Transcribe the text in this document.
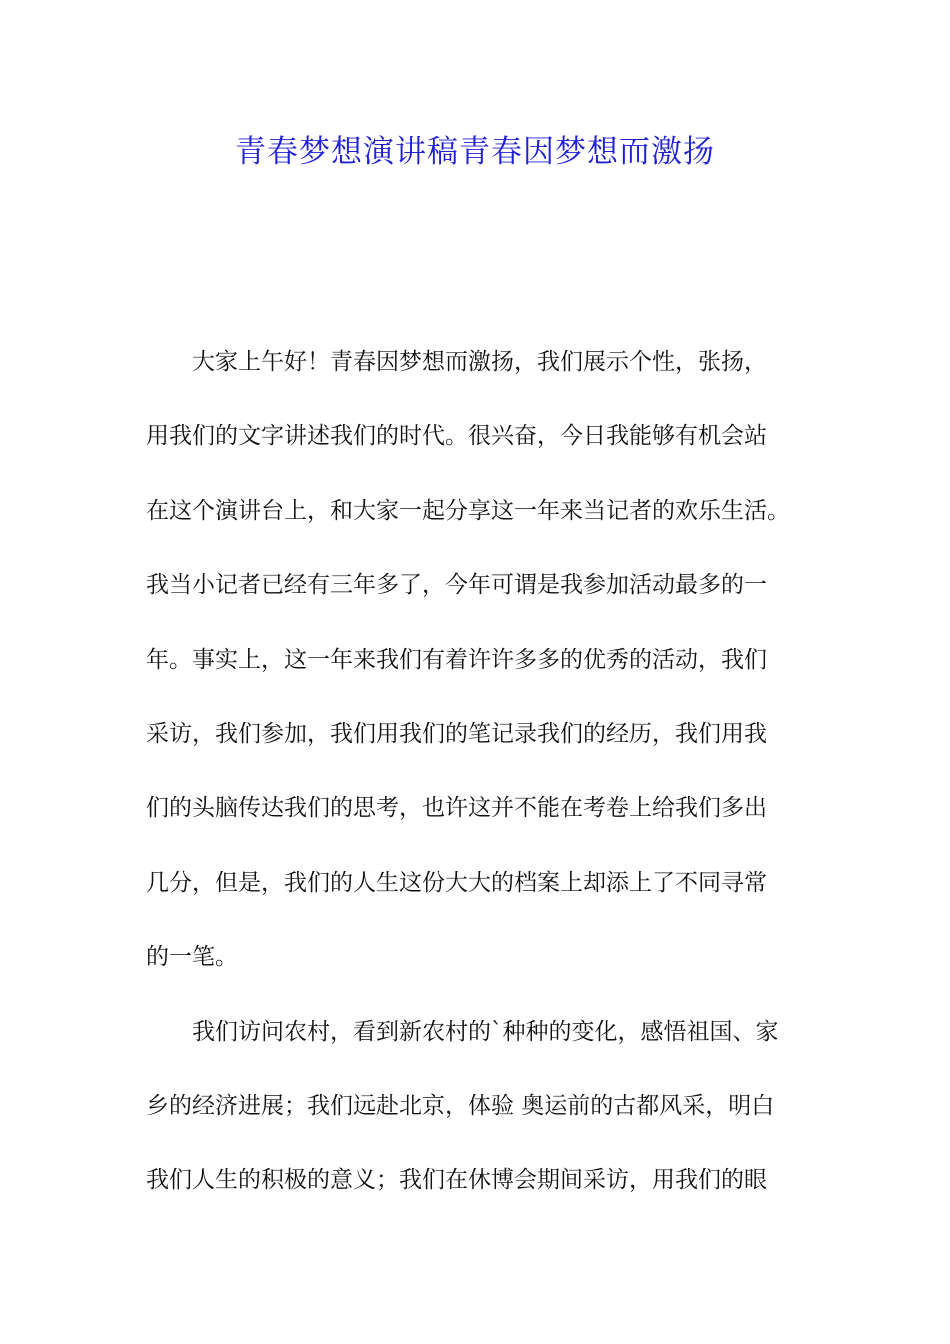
青春梦想演讲稿青春因梦想而激扬
大家上午好！青春因梦想而激扬，我们展示个性，张扬，
用我们的文字讲述我们的时代。很兴奋，今日我能够有机会站
在这个演讲台上，和大家一起分享这一年来当记者的欢乐生活。
我当小记者已经有三年多了，今年可谓是我参加活动最多的一
年。事实上，这一年来我们有着许许多多的优秀的活动，我们
采访，我们参加，我们用我们的笔记录我们的经历，我们用我
们的头脑传达我们的思考，也许这并不能在考卷上给我们多出
几分，但是，我们的人生这份大大的档案上却添上了不同寻常
的一笔。
我们访问农村，看到新农村的`种种的变化，感悟祖国、家
乡的经济进展；我们远赴北京，体验 奥运前的古都风采，明白
我们人生的积极的意义；我们在休博会期间采访，用我们的眼
